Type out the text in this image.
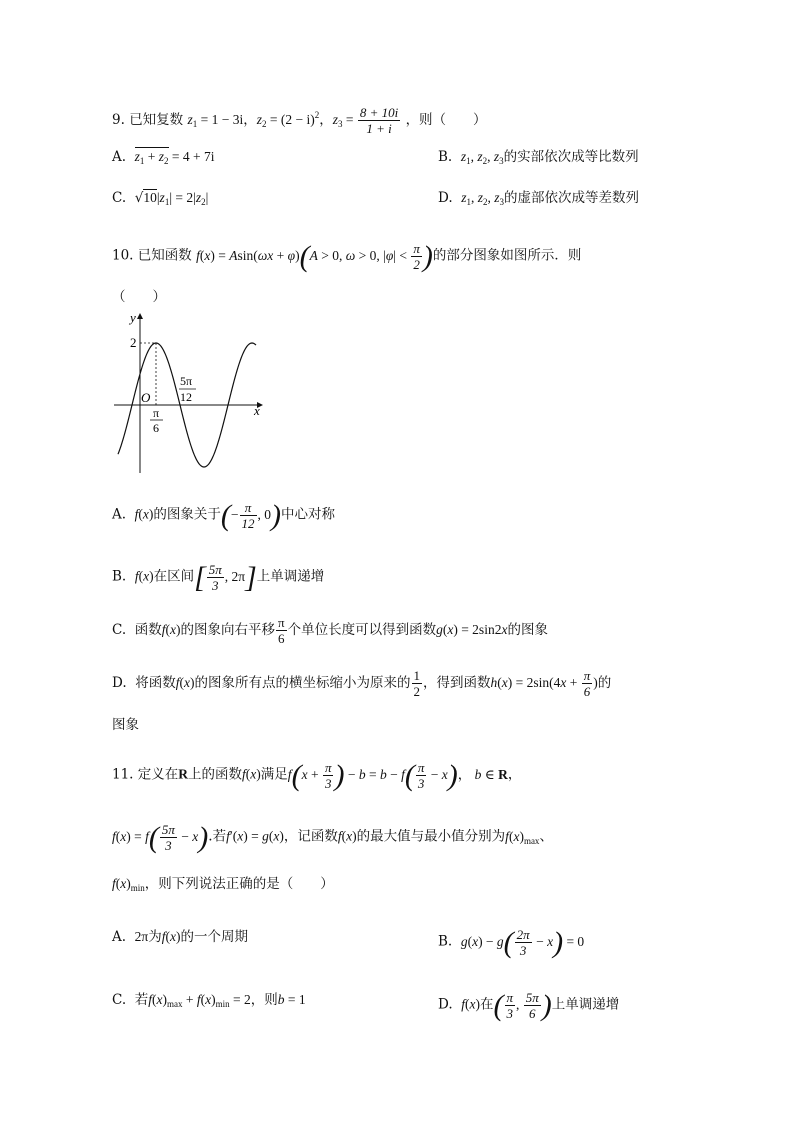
9. 已知复数 $z_1 = 1 - 3i$，$z_2 = (2 - i)^2$，$z_3 = \frac{8 + 10i}{1 + i}$ ，则（　　）
A. $z_1 + z_2 = 4 + 7i$	B. $z_1$, $z_2$, $z_3$的实部依次成等比数列
C. $√10|z_1| = 2|z_2|$	D. $z_1$, $z_2$, $z_3$的虚部依次成等差数列
10. 已知函数 f(x) = Asin(ωx + φ)(A > 0, ω > 0, $|\varphi| < \frac{\pi}{2}$ )的部分图象如图所示．则
（　　）
y
x
O
2
π
6
5π
12
A. f(x)的图象关于(− $\frac{\pi}{12}$ , 0)中心对称
B. f(x)在区间[ $\frac{5\pi}{3}$ , 2π]上单调递增
C. 函数f(x)的图象向右平移 $\frac{\pi}{6}$ 个单位长度可以得到函数g(x) = 2sin2x的图象
D. 将函数f(x)的图象所有点的横坐标缩小为原来的 $\frac{1}{2}$ ，得到函数$h(x) = 2\sin(4x + \frac{\pi}{6}$ )的
图象
11. 定义在R上的函数f(x)满足$f(x + \frac{\pi}{3}$ ) − $b = b - f( \frac{\pi}{3} - x)$， b ∈ R，
$f(x) = f( \frac{5\pi}{3} - x)$.若f′(x) = g(x)，记函数f(x)的最大值与最小值分别为$f(x)_{max}$、
$f(x)_{min}$，则下列说法正确的是（　　）
A. 2π为f(x)的一个周期	B. $g(x) - g( \frac{2\pi}{3} - x) = 0$
C. 若$f(x)_{max} + f(x)_{min} = 2$，则b = 1	D. f(x)在( $\frac{\pi}{3}$ , $\frac{5\pi}{6}$ )上单调递增
